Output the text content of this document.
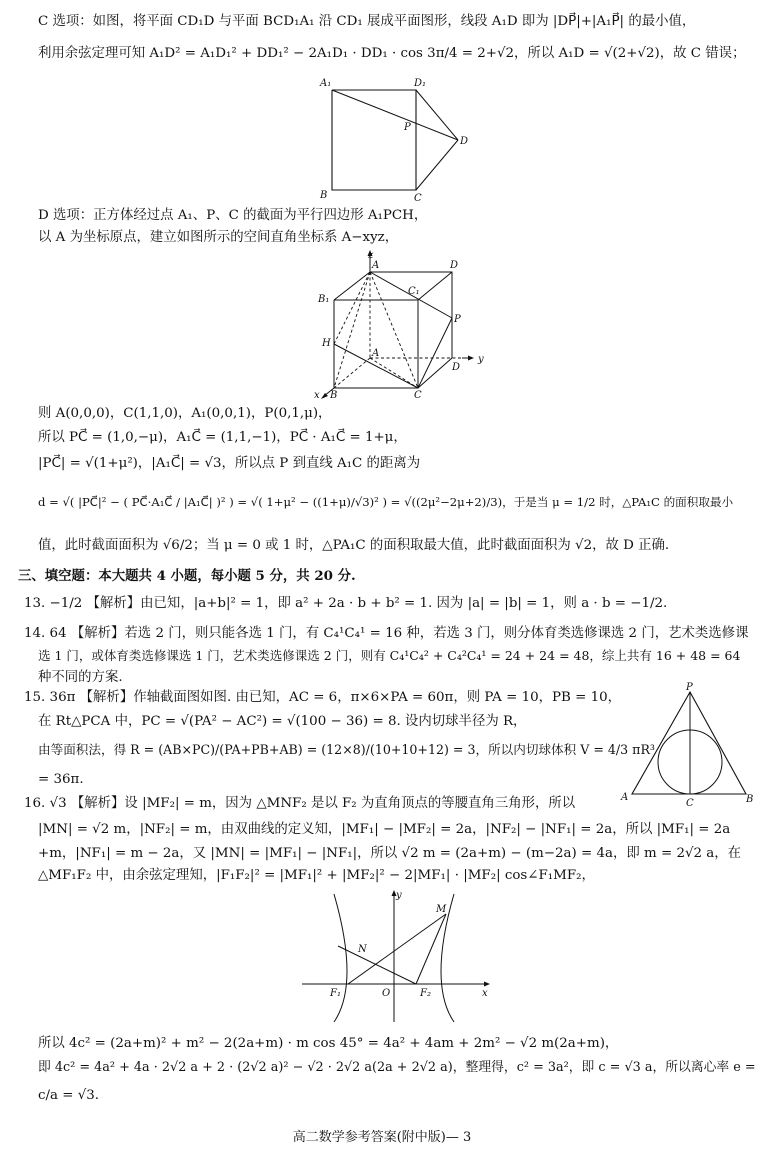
C 选项：如图，将平面 CD₁D 与平面 BCD₁A₁ 沿 CD₁ 展成平面图形，线段 A₁D 即为 |DP⃗|+|A₁P⃗| 的最小值，
利用余弦定理可知 A₁D² = A₁D₁² + DD₁² − 2A₁D₁ · DD₁ · cos 3π/4 = 2+√2，所以 A₁D = √(2+√2)，故 C 错误；
A₁	D₁
P
D
B	C
D 选项：正方体经过点 A₁、P、C 的截面为平行四边形 A₁PCH，
以 A 为坐标原点，建立如图所示的空间直角坐标系 A−xyz，
z
A	D
B₁
C₁
P
H
A
y
x B	C
D
则 A(0,0,0)，C(1,1,0)，A₁(0,0,1)，P(0,1,μ)，
所以 PC⃗ = (1,0,−μ)，A₁C⃗ = (1,1,−1)，PC⃗ · A₁C⃗ = 1+μ，
|PC⃗| = √(1+μ²)，|A₁C⃗| = √3，所以点 P 到直线 A₁C 的距离为
d = √( |PC⃗|² − ( PC⃗·A₁C⃗ / |A₁C⃗| )² ) = √( 1+μ² − ((1+μ)/√3)² ) = √((2μ²−2μ+2)/3)，于是当 μ = 1/2 时，△PA₁C 的面积取最小
值，此时截面面积为 √6/2；当 μ = 0 或 1 时，△PA₁C 的面积取最大值，此时截面面积为 √2，故 D 正确.
三、填空题：本大题共 4 小题，每小题 5 分，共 20 分.
13. −1/2 【解析】由已知，|a+b|² = 1，即 a² + 2a · b + b² = 1. 因为 |a| = |b| = 1，则 a · b = −1/2.
14. 64 【解析】若选 2 门，则只能各选 1 门，有 C₄¹C₄¹ = 16 种，若选 3 门，则分体育类选修课选 2 门，艺术类选修课
选 1 门，或体育类选修课选 1 门，艺术类选修课选 2 门，则有 C₄¹C₄² + C₄²C₄¹ = 24 + 24 = 48，综上共有 16 + 48 = 64
种不同的方案.
15. 36π 【解析】作轴截面图如图. 由已知，AC = 6，π×6×PA = 60π，则 PA = 10，PB = 10，
在 Rt△PCA 中，PC = √(PA² − AC²) = √(100 − 36) = 8. 设内切球半径为 R，
由等面积法，得 R = (AB×PC)/(PA+PB+AB) = (12×8)/(10+10+12) = 3，所以内切球体积 V = 4/3 πR³
= 36π.
P
A
C	B
16. √3 【解析】设 |MF₂| = m，因为 △MNF₂ 是以 F₂ 为直角顶点的等腰直角三角形，所以
|MN| = √2 m，|NF₂| = m，由双曲线的定义知，|MF₁| − |MF₂| = 2a，|NF₂| − |NF₁| = 2a，所以 |MF₁| = 2a
+m，|NF₁| = m − 2a，又 |MN| = |MF₁| − |NF₁|，所以 √2 m = (2a+m) − (m−2a) = 4a，即 m = 2√2 a，在
△MF₁F₂ 中，由余弦定理知，|F₁F₂|² = |MF₁|² + |MF₂|² − 2|MF₁| · |MF₂| cos∠F₁MF₂，
y
M
N
F₁	O	F₂	x
所以 4c² = (2a+m)² + m² − 2(2a+m) · m cos 45° = 4a² + 4am + 2m² − √2 m(2a+m)，
即 4c² = 4a² + 4a · 2√2 a + 2 · (2√2 a)² − √2 · 2√2 a(2a + 2√2 a)，整理得，c² = 3a²，即 c = √3 a，所以离心率 e =
c/a = √3.
高二数学参考答案(附中版)— 3
